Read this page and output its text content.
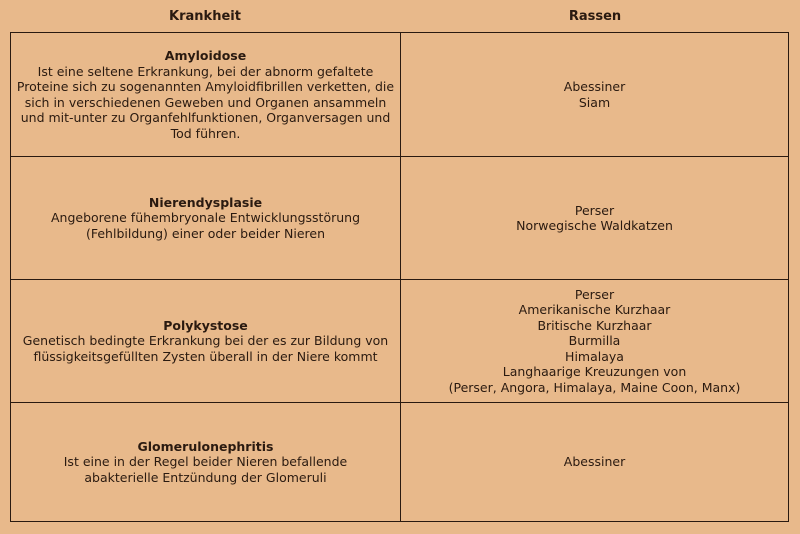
Krankheit	Rassen
Amyloidose
Ist eine seltene Erkrankung, bei der abnorm gefaltete Proteine sich zu sogenannten Amyloidfibrillen verketten, die sich in verschiedenen Geweben und Organen ansammeln und mit-unter zu Organfehlfunktionen, Organversagen und Tod führen.
Abessiner
Siam
Nierendysplasie
Angeborene fühembryonale Entwicklungsstörung (Fehlbildung) einer oder beider Nieren
Perser
Norwegische Waldkatzen
Polykystose
Genetisch bedingte Erkrankung bei der es zur Bildung von flüssigkeitsgefüllten Zysten überall in der Niere kommt
Perser
Amerikanische Kurzhaar
Britische Kurzhaar
Burmilla
Himalaya
Langhaarige Kreuzungen von
(Perser, Angora, Himalaya, Maine Coon, Manx)
Glomerulonephritis
Ist eine in der Regel beider Nieren befallende abakterielle Entzündung der Glomeruli
Abessiner
